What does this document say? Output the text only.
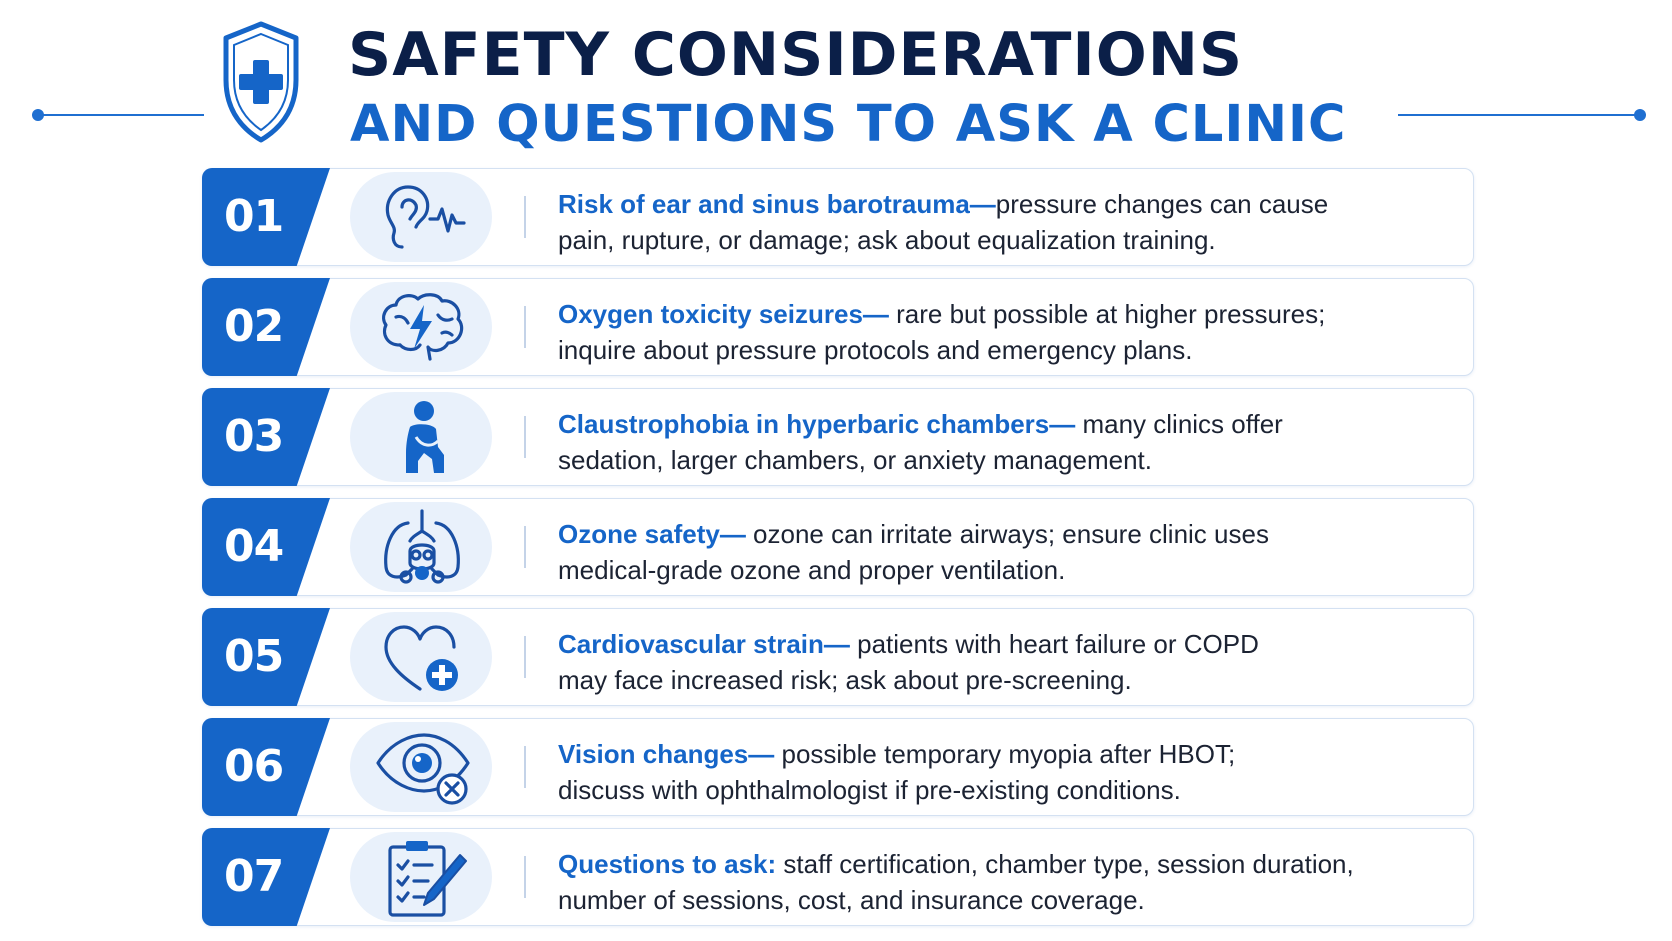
SAFETY CONSIDERATIONS
AND QUESTIONS TO ASK A CLINIC
01	Risk of ear and sinus barotrauma—pressure changes can cause
pain, rupture, or damage; ask about equalization training.
02	Oxygen toxicity seizures— rare but possible at higher pressures;
inquire about pressure protocols and emergency plans.
03	Claustrophobia in hyperbaric chambers— many clinics offer
sedation, larger chambers, or anxiety management.
04	Ozone safety— ozone can irritate airways; ensure clinic uses
medical-grade ozone and proper ventilation.
05	Cardiovascular strain— patients with heart failure or COPD
may face increased risk; ask about pre-screening.
06	Vision changes— possible temporary myopia after HBOT;
discuss with ophthalmologist if pre-existing conditions.
07	Questions to ask: staff certification, chamber type, session duration,
number of sessions, cost, and insurance coverage.
